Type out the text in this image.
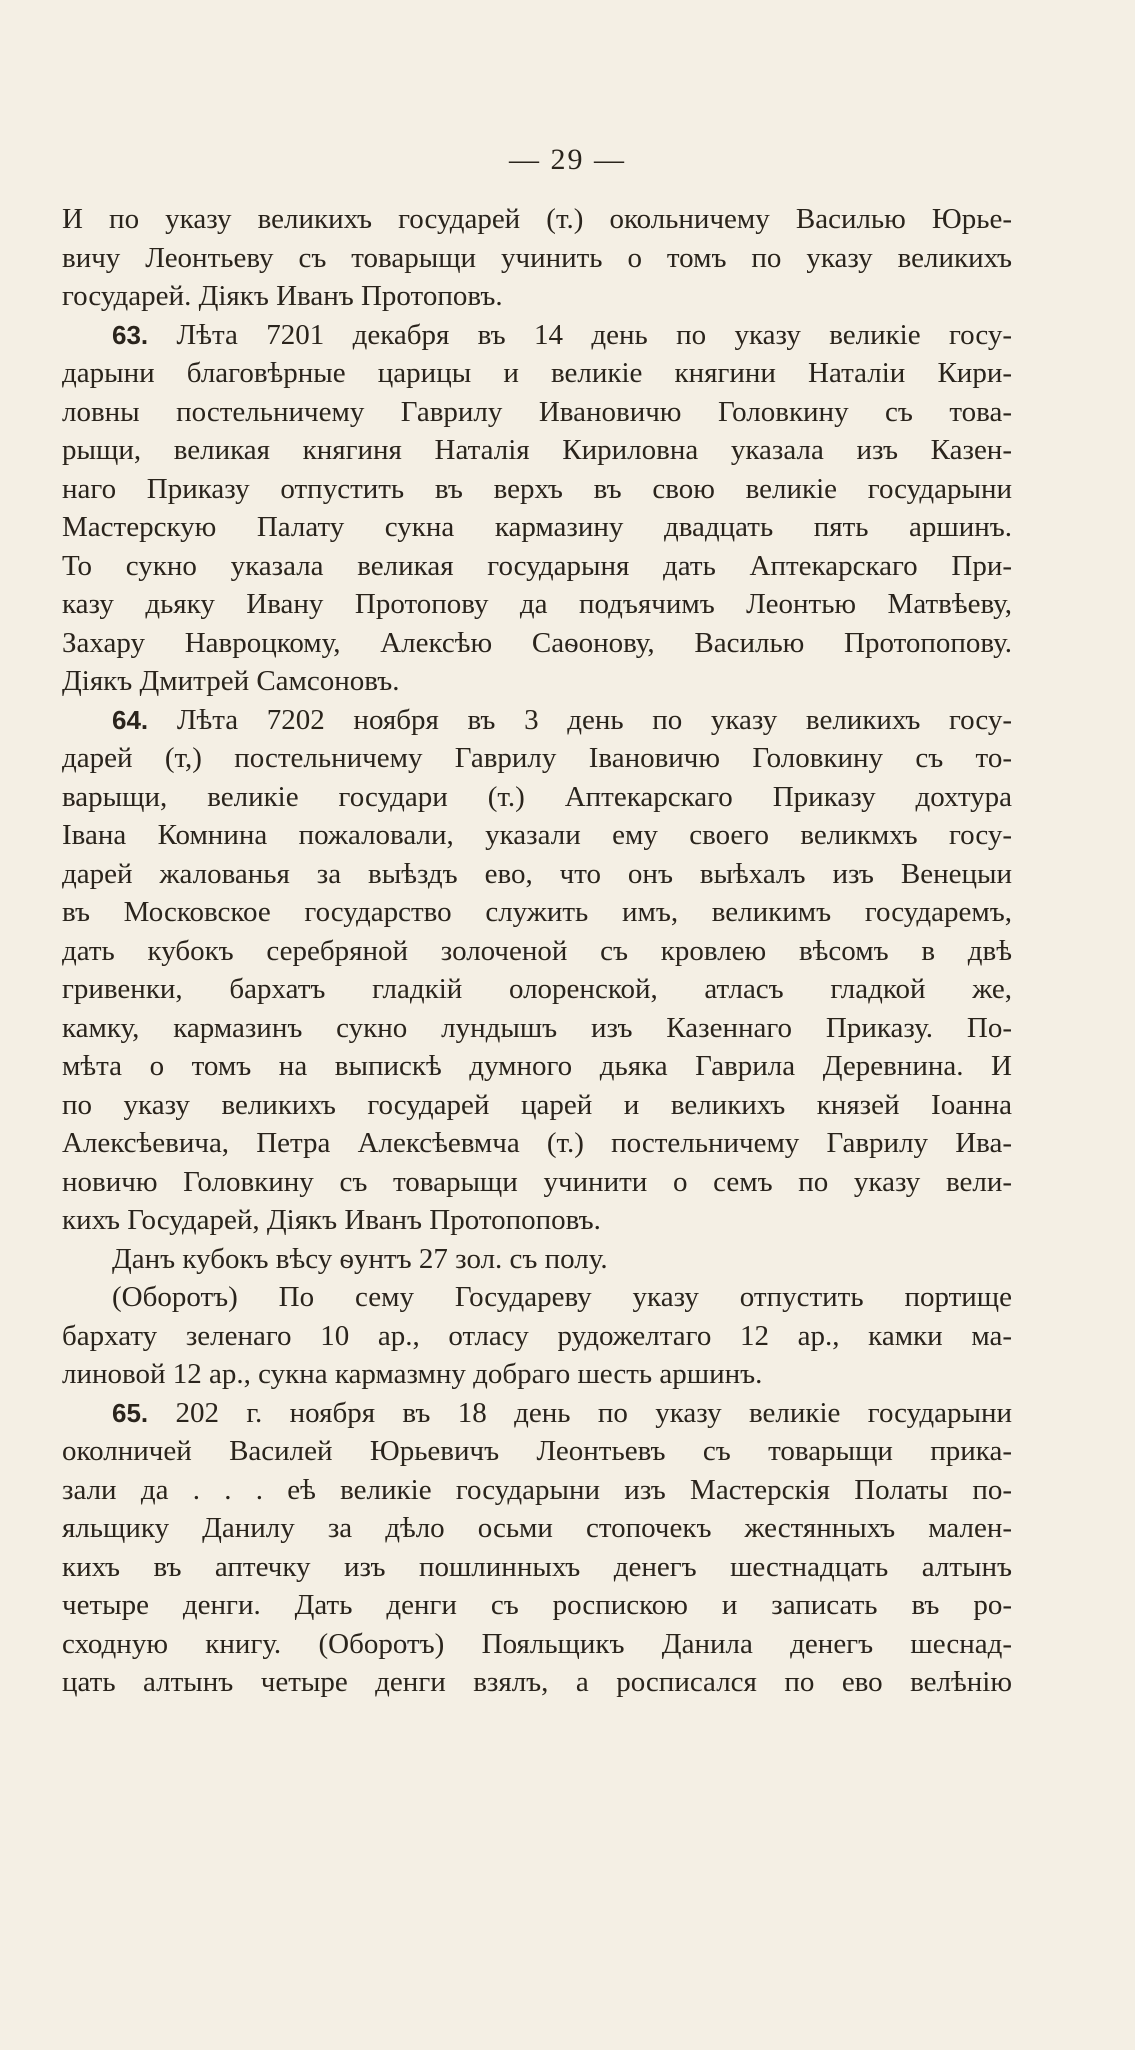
— 29 —
И по указу великихъ государей (т.) окольничему Василью Юрье-
вичу Леонтьеву съ товарыщи учинить о томъ по указу великихъ
государей. Дiякъ Иванъ Протоповъ.
63. Лѣта 7201 декабря въ 14 день по указу великiе госу-
дарыни благовѣрные царицы и великiе княгини Наталiи Кири-
ловны постельничему Гаврилу Ивановичю Головкину съ това-
рыщи, великая княгиня Наталiя Кириловна указала изъ Казен-
наго Приказу отпустить въ верхъ въ свою великiе государыни
Мастерскую Палату сукна кармазину двадцать пять аршинъ.
То сукно указала великая государыня дать Аптекарскаго При-
казу дьяку Ивану Протопову да подъячимъ Леонтью Матвѣеву,
Захару Навроцкому, Алексѣю Саѳонову, Василью Протопопову.
Дiякъ Дмитрей Самсоновъ.
64. Лѣта 7202 ноября въ 3 день по указу великихъ госу-
дарей (т,) постельничему Гаврилу Івановичю Головкину съ то-
варыщи, великiе государи (т.) Аптекарскаго Приказу дохтура
Івана Комнина пожаловали, указали ему своего великмхъ госу-
дарей жалованья за выѣздъ ево, что онъ выѣхалъ изъ Венецыи
въ Московское государство служить имъ, великимъ государемъ,
дать кубокъ серебряной золоченой съ кровлею вѣсомъ в двѣ
гривенки, бархатъ гладкiй олоренской, атласъ гладкой же,
камку, кармазинъ сукно лундышъ изъ Казеннаго Приказу. По-
мѣта о томъ на выпискѣ думного дьяка Гаврила Деревнина. И
по указу великихъ государей царей и великихъ князей Iоанна
Алексѣевича, Петра Алексѣевмча (т.) постельничему Гаврилу Ива-
новичю Головкину съ товарыщи учинити о семъ по указу вели-
кихъ Государей, Дiякъ Иванъ Протопоповъ.
Данъ кубокъ вѣсу ѳунтъ 27 зол. съ полу.
(Оборотъ) По сему Государеву указу отпустить портище
бархату зеленаго 10 ар., отласу рудожелтаго 12 ар., камки ма-
линовой 12 ар., сукна кармазмну добраго шесть аршинъ.
65. 202 г. ноября въ 18 день по указу великiе государыни
околничей Василей Юрьевичъ Леонтьевъ съ товарыщи прика-
зали да . . . еѣ великiе государыни изъ Мастерскiя Полаты по-
яльщику Данилу за дѣло осьми стопочекъ жестянныхъ мален-
кихъ въ аптечку изъ пошлинныхъ денегъ шестнадцать алтынъ
четыре денги. Дать денги съ роспискою и записать въ ро-
сходную книгу. (Оборотъ) Пояльщикъ Данила денегъ шеснад-
цать алтынъ четыре денги взялъ, а росписался по ево велѣнiю
